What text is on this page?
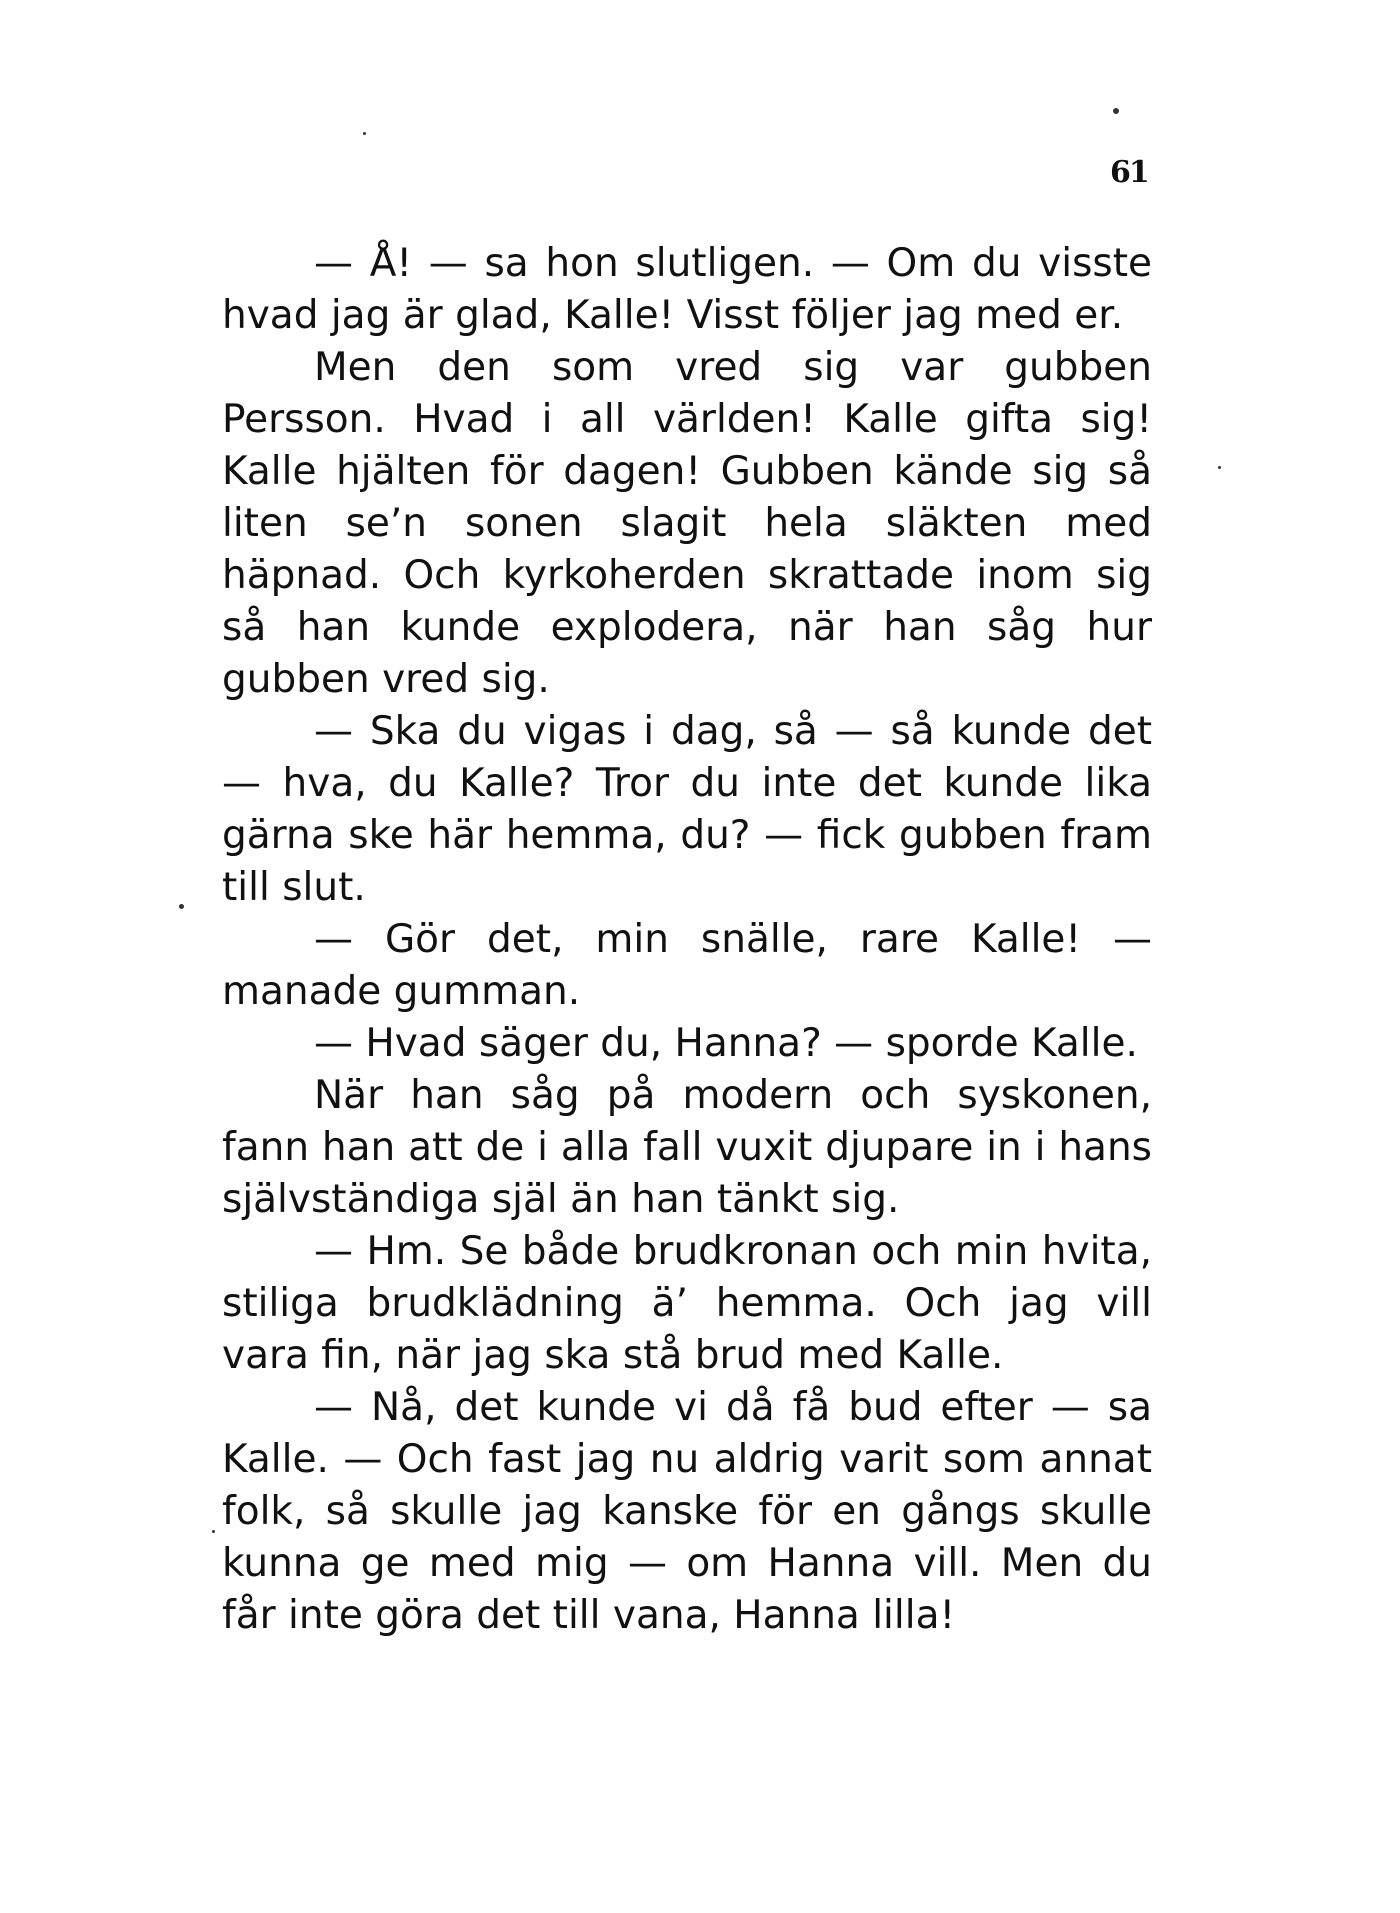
61

— Å! — sa hon slutligen. — Om du visste hvad jag är glad, Kalle! Visst följer jag med er.

Men den som vred sig var gubben Persson. Hvad i all världen! Kalle gifta sig! Kalle hjälten för dagen! Gubben kände sig så liten se’n sonen slagit hela släkten med häpnad. Och kyrkoherden skrattade inom sig så han kunde explodera, när han såg hur gubben vred sig.

— Ska du vigas i dag, så — så kunde det — hva, du Kalle? Tror du inte det kunde lika gärna ske här hemma, du? — fick gubben fram till slut.

— Gör det, min snälle, rare Kalle! — manade gumman.

— Hvad säger du, Hanna? — sporde Kalle.

När han såg på modern och syskonen, fann han att de i alla fall vuxit djupare in i hans självständiga själ än han tänkt sig.

— Hm. Se både brudkronan och min hvita, stiliga brudklädning ä’ hemma. Och jag vill vara fin, när jag ska stå brud med Kalle.

— Nå, det kunde vi då få bud efter — sa Kalle. — Och fast jag nu aldrig varit som annat folk, så skulle jag kanske för en gångs skulle kunna ge med mig — om Hanna vill. Men du får inte göra det till vana, Hanna lilla!
